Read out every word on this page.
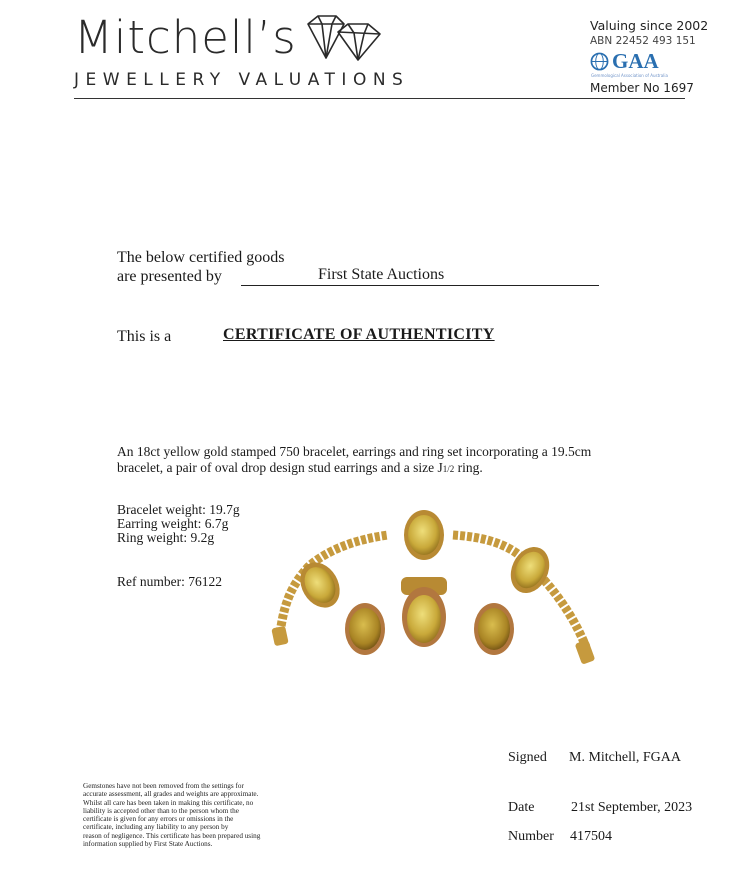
Mitchell’s
JEWELLERY VALUATIONS
Valuing since 2002
ABN 22452 493 151
GAA
Gemmological Association of Australia
Member No 1697
The below certified goods
are presented by	First State Auctions
This is a	CERTIFICATE OF AUTHENTICITY
An 18ct yellow gold stamped 750 bracelet, earrings and ring set incorporating a 19.5cm
bracelet, a pair of oval drop design stud earrings and a size J1/2 ring.
Bracelet weight: 19.7g
Earring weight: 6.7g
Ring weight: 9.2g
Ref number: 76122
Signed M. Mitchell, FGAA
Date	21st September, 2023
Number 417504
Gemstones have not been removed from the settings for
accurate assessment, all grades and weights are approximate.
Whilst all care has been taken in making this certificate, no
liability is accepted other than to the person whom the
certificate is given for any errors or omissions in the
certificate, including any liability to any person by
reason of negligence. This certificate has been prepared using
information supplied by First State Auctions.
